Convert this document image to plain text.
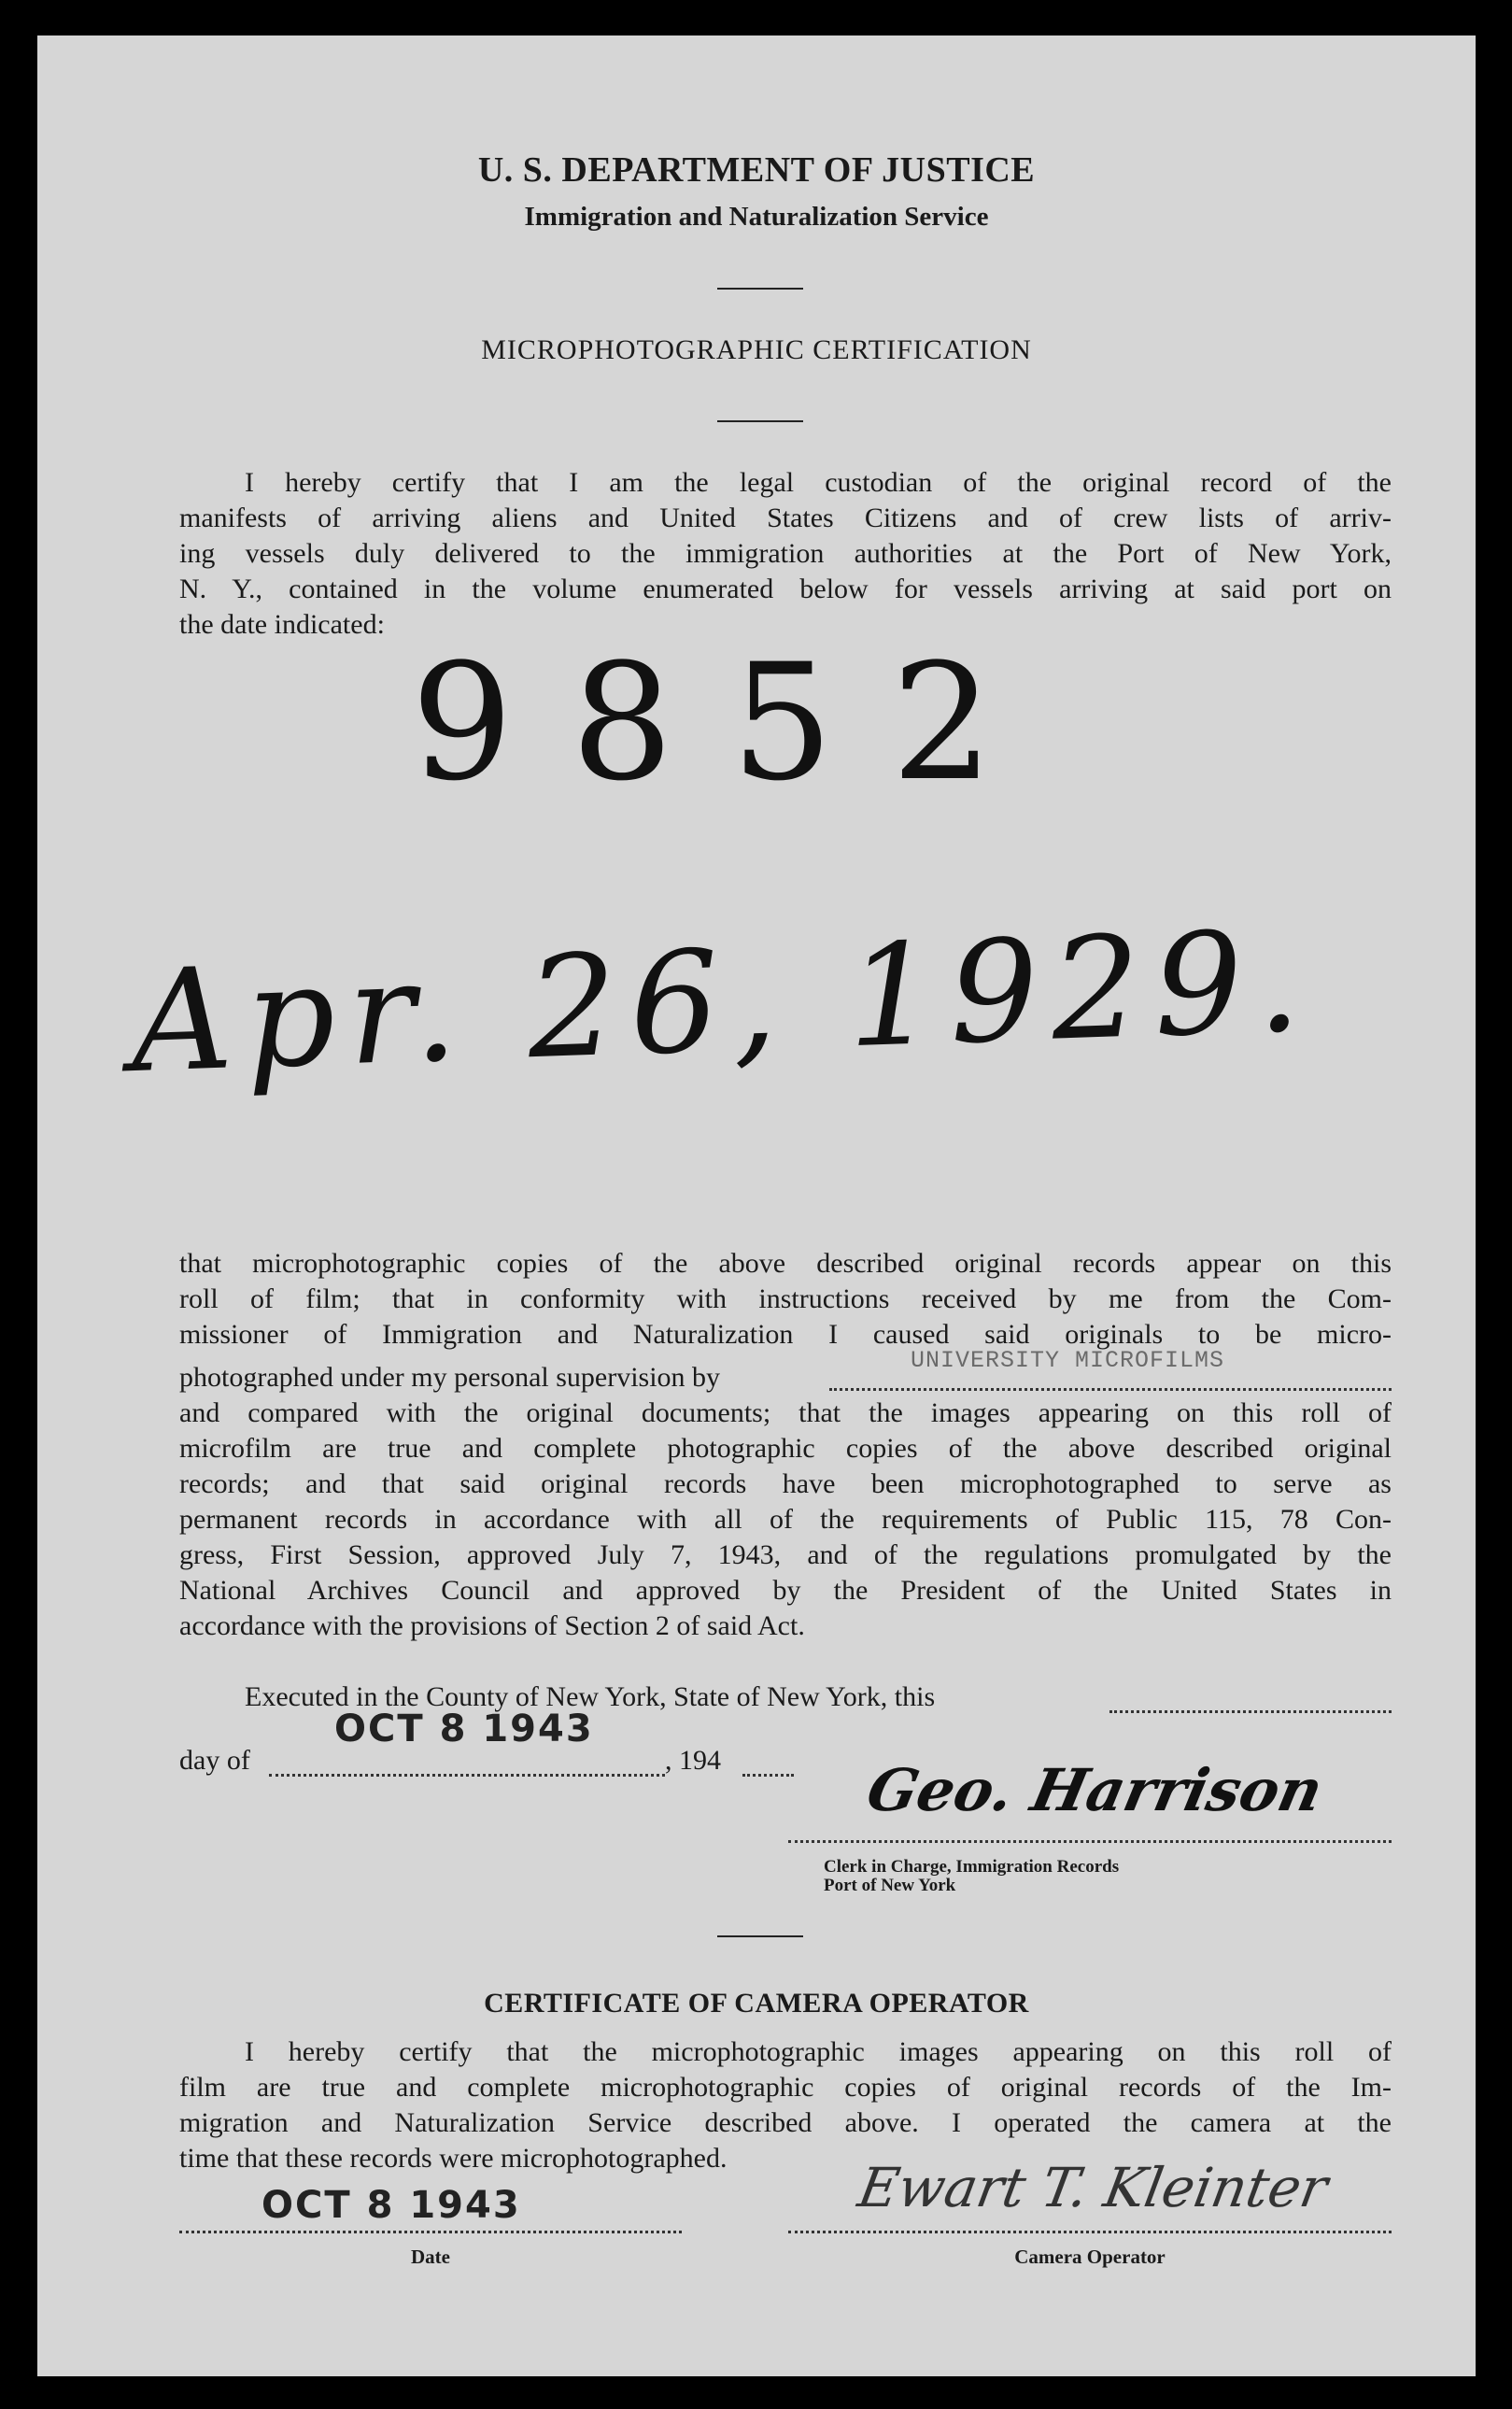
U. S. DEPARTMENT OF JUSTICE
Immigration and Naturalization Service
MICROPHOTOGRAPHIC CERTIFICATION
I hereby certify that I am the legal custodian of the original record of the
manifests of arriving aliens and United States Citizens and of crew lists of arriv-
ing vessels duly delivered to the immigration authorities at the Port of New York,
N. Y., contained in the volume enumerated below for vessels arriving at said port on
the date indicated:
9852
Apr. 26, 1929.
that microphotographic copies of the above described original records appear on this
roll of film; that in conformity with instructions received by me from the Com-
missioner of Immigration and Naturalization I caused said originals to be micro-
photographed under my personal supervision by
UNIVERSITY MICROFILMS
and compared with the original documents; that the images appearing on this roll of
microfilm are true and complete photographic copies of the above described original
records; and that said original records have been microphotographed to serve as
permanent records in accordance with all of the requirements of Public 115, 78 Con-
gress, First Session, approved July 7, 1943, and of the regulations promulgated by the
National Archives Council and approved by the President of the United States in
accordance with the provisions of Section 2 of said Act.
Executed in the County of New York, State of New York, this
day of	, 194
OCT 8 1943
Geo. Harrison
Clerk in Charge, Immigration Records
Port of New York
CERTIFICATE OF CAMERA OPERATOR
I hereby certify that the microphotographic images appearing on this roll of
film are true and complete microphotographic copies of original records of the Im-
migration and Naturalization Service described above. I operated the camera at the
time that these records were microphotographed.
OCT 8 1943
Date
Ewart T. Kleinter
Camera Operator
